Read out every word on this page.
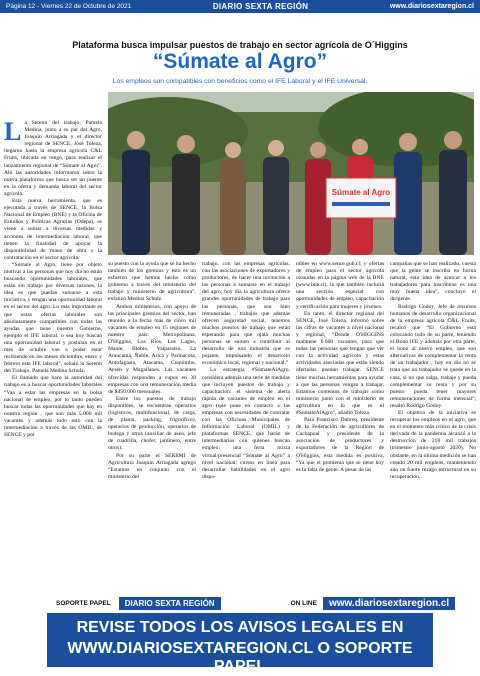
Página 12 - Viernes 22 de Octubre de 2021	DIARIO SEXTA REGIÓN	www.diariosextaregion.cl
Plataforma busca impulsar puestos de trabajo en sector agrícola de O´Higgins
“Súmate al Agro”
Los empleos son compatibles con beneficios como el IFE Laboral y el IFE Universal.
Súmate al Agro
L a Seremi del trabajo, Pamela Medina, junto a su par del Agro, Joaquín Arriagada y el director regional de SENCE, José Toleza, llegaron hasta la empresa agrícola C&L Fruits, ubicada en rengo, para realizar el lanzamiento regional de “Súmate al Agro”. Ahí las autoridades informaron sobre la nueva plataforma que busca ser un puente en la oferta y demanda laboral del sector agrícola.

Esta nueva herramienta, que es ejecutada a través de SENCE, la Bolsa Nacional de Empleo (BNE) y la Oficina de Estudios y Políticas Agrarias (Odepa), se viene a sumar a diversas medidas y acciones de intermediación laboral, que tienen la finalidad de apoyar la disponibilidad de mano de obra y la contratación en el sector agrícola.

“Súmate al Agro, tiene por objeto motivar a las personas que hoy día no están buscando oportunidades laborales, que están sin trabajo por diversas razones, la idea es que puedan sumarse a esta iniciativa, y tengan una oportunidad laboral en el sector del agro. Lo más importante es que estas ofertas laborales son absolutamente compatibles con todas las ayudas que tiene nuestro Gobierno, ejemplo el IFE laboral, o sea hoy buscan una oportunidad laboral y postulan en el mes de octubre van a poder estar recibiendo en los meses diciembre, enero y febrero este IFE laboral”, señaló la Seremi del Trabajo, Pamela Medina Schulz.

El llamado que hace la autoridad del trabajo es a buscar oportunidades laborales “Van a estar las empresas en la bolsa nacional de empleo, por lo tanto pueden buscar todas las oportunidades que hay en nuestra región , que son más 5.000 mil vacantes y además todo esto con la intermediación a través de las OMIL, de SENCE y por

su puesto con la ayuda que se ha hecho también de los gremios y esto es un esfuerzo que hemos hecho como gobierno a través del ministerio del trabajo y ministerio de agricultura”, enfatizó Medina Schulz.

Ambos ministerios, con apoyo de las principales gremios del sector, han reunido a la fecha más de cinco mil vacantes de empleo en 15 regiones de nuestro país: Metropolitana, O'Higgins, Los Ríos, Los Lagos, Maule, Biobío, Valparaíso, La Araucanía, Ñuble, Arica y Parinacota, Antofagasta, Atacama, Coquimbo, Aysén y Magallanes. Las vacantes ofrecidas responden a cupos en 38 empresas con una remuneración media de $450.000 mensuales.

Entre los puestos de trabajo disponibles, se encuentran operarios (logísticos, multifuncional, de carga, de planta, packing, frigorífico), operarios de producción, operarios de bodega y otros (auxiliar de aseo, jefe de cuadrilla, chofer, jardinero, entre otros).

Por su parte el SEREMI de Agricultura Joaquín Arriagada agregó “Estamos en conjunto con el ministerio del

trabajo, con las empresas agrícolas, con las asociaciones de exportadores y productores, de hacer una invitación a las personas a sumarse en el trabajo del agro, hoy día la agricultura ofrece grandes oportunidades de trabajo para las personas, que son bien remuneradas , trabajos que además ofrecen seguridad social, tenemos muchos puestos de trabajo que están esperando para que ojalá muchas personas se sumen a contribuir al desarrollo de una industria que es pujante, impulsando el desarrollo económico local, regional y nacional.”

La estrategia #SúmateAlAgro, considera además una serie de medidas que incluyen puestos de trabajo y capacitación: el sistema de alerta rápida de vacantes de empleo en el agro (que pone en contacto a las empresas con necesidades de contratar con las Oficinas Municipales de Información Laboral (OMIL) y plataformas SENCE, que harán de intermediarios con quienes buscan empleo; una feria mixta virtual/presencial “Súmate al Agro” a nivel nacional; cursos en línea para desarrollar habilidades en el agro dispo-

nibles en www.sence.gob.cl; y ofertas de empleo para el sector agrícola ozanidas en la página web de la BNE (www.bne.cl), la que también incluirá una sección especial con oportunidades de empleo, capacitación y certificación para mujeres y jóvenes.

En tanto, el director regional del SENCE, José Toleza, informó sobre las cifras de vacantes a nivel nacional y regional, “Donde O'HIGGINS mantiene 6.600 vacantes, para que todas las personas que tengan que ver con la actividad agrícola y estas actividades asociadas que están siendo ofertadas puedan trabajar. SENCE tiene muchas herramientas para ayudar a que las personas vengan a trabajar. Estamos contentos de trabajar como ministerio junto con el ministerio de agricultura en lo que es el #SumateAlAgro”, añadió Toleza.

Para Francisco Dubreq, presidente de la Federación de agricultores de Cachapoal y presidente de la asociación de productores y exportadores de la Región de O'Higgins, esta medida es positiva, “Ya que el problema que se tiene hoy es la falta de gente. A pesar de las

campañas que se han realizado, cuesta que la gente se inscriba en forma natural, esta idea de acercar a los trabajadores para inscribirse es una muy buena idea”, concluyó el dirigente.

Rodrigo Godoy, Jefe de recursos humanos de desarrollo organizacional de la empresa agrícola C&L Fruits, recalcó que “El Gobierno está colocando todo de su parte, teniendo el Bono IFE y además por otra parte, el bono al nuevo empleo, que son alternativas de complementar la renta de un trabajador , hoy en día no se trata que un trabajador se quede en la casa, si no que salga, trabaje y pueda complementar su renta y por su puesto pueda tener mayores remuneraciones de forma mensual”, resaltó Rodrigo Godoy.

El objetivo de la iniciativa es recuperar los empleos en el agro, que en el momento más crítico de la crisis derivada de la pandemia alcanzó a la destrucción de 218 mil trabajos (trimestre junio-agosto 2020). No obstante, en la última medición se han creado 20 mil empleos, manteniendo aún un fuerte rezago estructural en su recuperación.

SOPORTE PAPEL	DIARIO SEXTA REGIÓN	ON LINE	www.diariosextaregion.cl
REVISE TODOS LOS AVISOS LEGALES EN
WWW.DIARIOSEXTAREGION.CL O SOPORTE PAPEL
